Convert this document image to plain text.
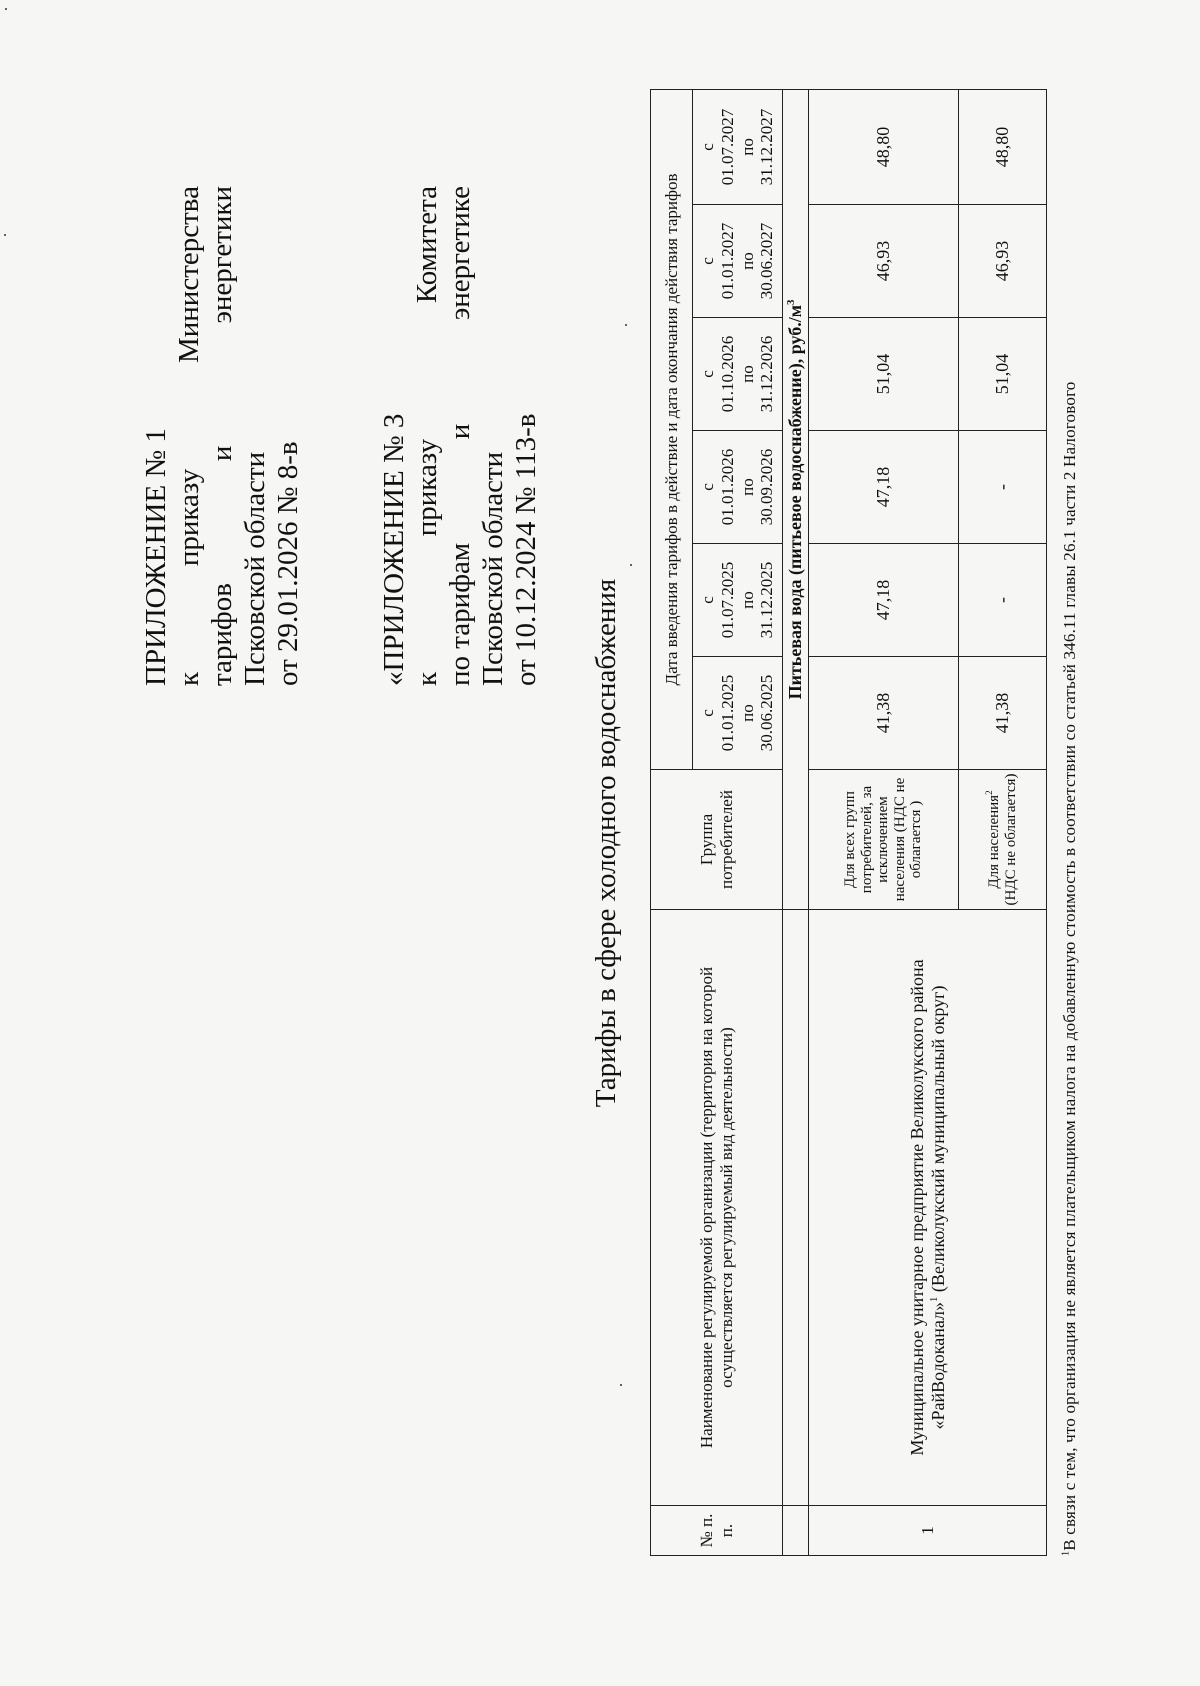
ПРИЛОЖЕНИЕ № 1 к
приказу
Министерства
тарифов
и
энергетики
Псковской области от 29.01.2026 № 8-в	«ПРИЛОЖЕНИЕ № 3 к
приказу
Комитета
по тарифам
и
энергетике
Псковской области от 10.12.2024 № 113-в
Тарифы в сфере холодного водоснабжения
№ п. п.	Наименование регулируемой организации (территория на которой осуществляется регулируемый вид деятельности)	Группа потребителей	Дата введения тарифов в действие и дата окончания действия тарифов					

			с 01.01.2025 по 30.06.2025	с 01.07.2025 по 31.12.2025	с 01.01.2026 по 30.09.2026	с 01.10.2026 по 31.12.2026	с 01.01.2027 по 30.06.2027	с 01.07.2027 по 31.12.2027

		Питьевая вода (питьевое водоснабжение), $руб./м^3$
1	Муниципальное унитарное предприятие Великолукского района «РайВодоканал»$^1$ (Великолукский муниципальный округ)	Для всех групп потребителей, за исключением населения (НДС не облагается )	41,38	47,18	47,18	51,04	46,93	48,80
		Для населения$^2$ (НДС не облагается)	41,38	-	-	51,04	46,93	48,80
$^1$В связи с тем, что организация не является плательщиком налога на добавленную стоимость в соответствии со статьей 346.11 главы 26.1 части 2 Налогового
